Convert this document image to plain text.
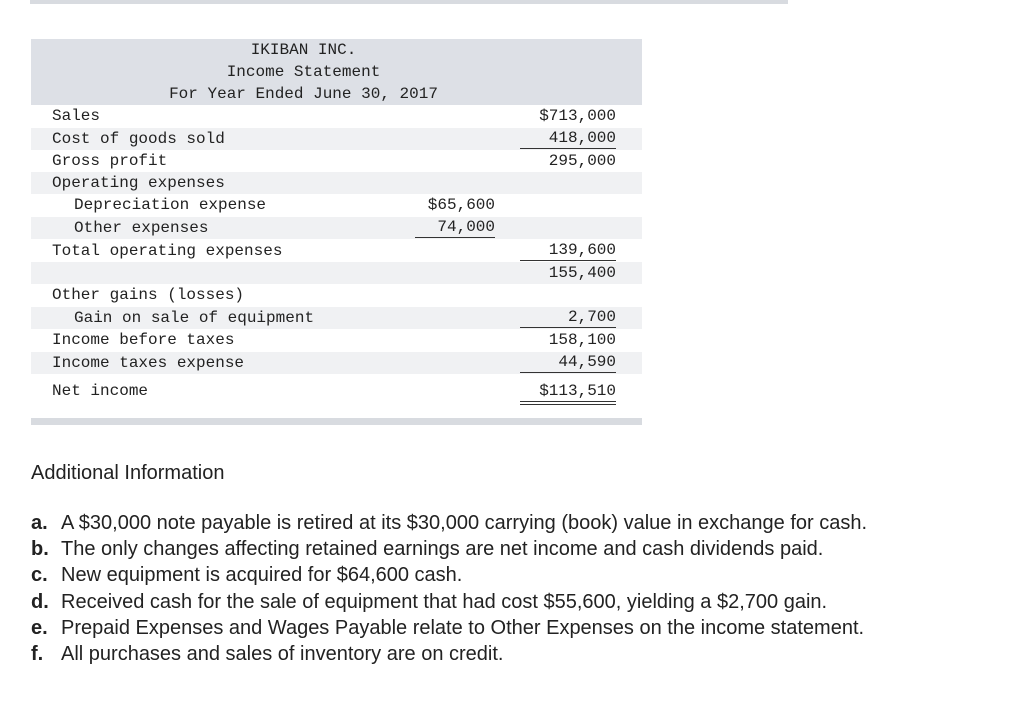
IKIBAN INC.
Income Statement
For Year Ended June 30, 2017
Sales	$713,000
Cost of goods sold	418,000
Gross profit	295,000
Operating expenses
Depreciation expense	$65,600
Other expenses	74,000
Total operating expenses	139,600
155,400
Other gains (losses)
Gain on sale of equipment	2,700
Income before taxes	158,100
Income taxes expense	44,590
Net income	$113,510
Additional Information
a. A $30,000 note payable is retired at its $30,000 carrying (book) value in exchange for cash.
b. The only changes affecting retained earnings are net income and cash dividends paid.
c. New equipment is acquired for $64,600 cash.
d. Received cash for the sale of equipment that had cost $55,600, yielding a $2,700 gain.
e. Prepaid Expenses and Wages Payable relate to Other Expenses on the income statement.
f. All purchases and sales of inventory are on credit.
